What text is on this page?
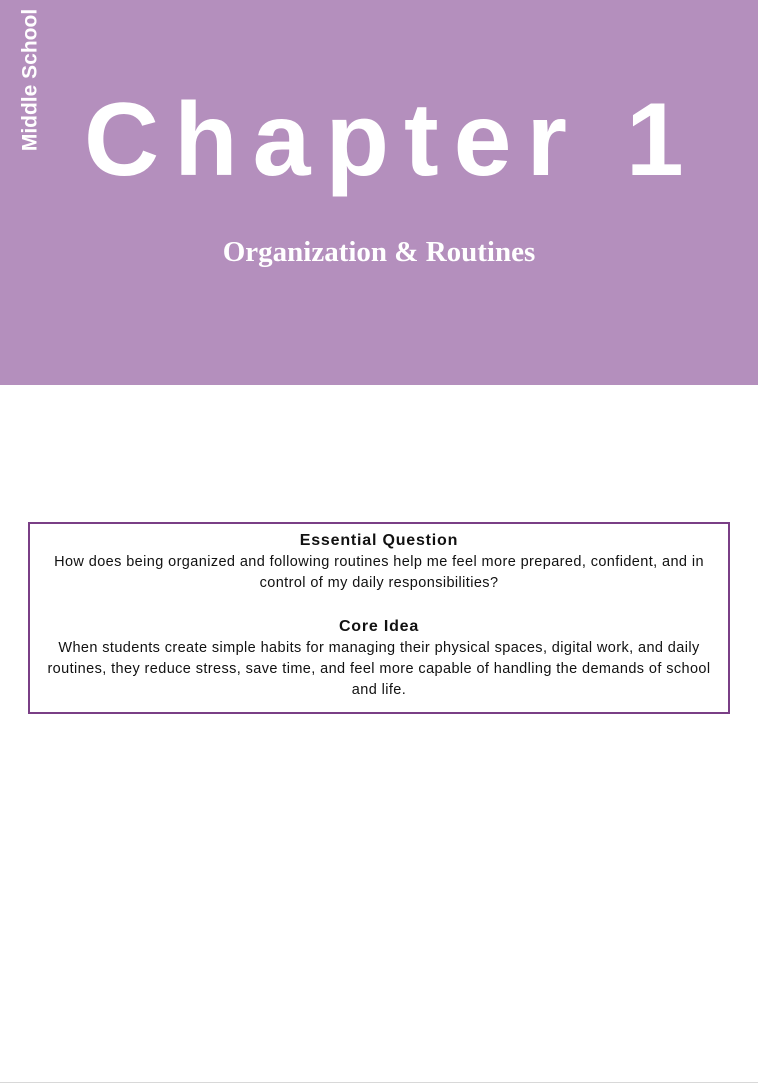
Middle School Chapter 1
Organization & Routines

Essential Question

How does being organized and following routines help me feel more prepared, confident, and in control of my daily responsibilities?

Core Idea

When students create simple habits for managing their physical spaces, digital work, and daily routines, they reduce stress, save time, and feel more capable of handling the demands of school and life.
